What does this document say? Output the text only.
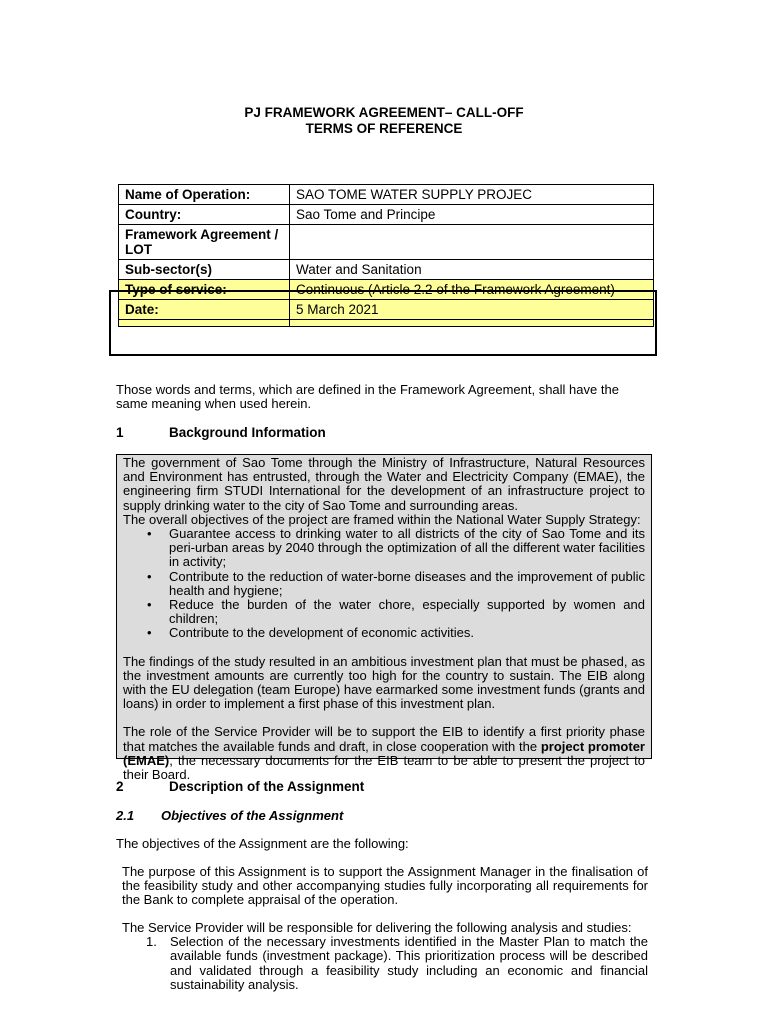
PJ FRAMEWORK AGREEMENT– CALL-OFF
TERMS OF REFERENCE
Name of Operation:	SAO TOME WATER SUPPLY PROJEC
Country:	Sao Tome and Principe
Framework Agreement / LOT	
Sub-sector(s)	Water and Sanitation
Type of service:	Continuous (Article 2.2 of the Framework Agreement)
Date:	5 March 2021

Those words and terms, which are defined in the Framework Agreement, shall have the same meaning when used herein.
1	Background Information

The government of Sao Tome through the Ministry of Infrastructure, Natural Resources and Environment has entrusted, through the Water and Electricity Company (EMAE), the engineering firm STUDI International for the development of an infrastructure project to supply drinking water to the city of Sao Tome and surrounding areas.

The overall objectives of the project are framed within the National Water Supply Strategy:

• Guarantee access to drinking water to all districts of the city of Sao Tome and its peri-urban areas by 2040 through the optimization of all the different water facilities in activity;
• Contribute to the reduction of water-borne diseases and the improvement of public health and hygiene;
• Reduce the burden of the water chore, especially supported by women and children;
• Contribute to the development of economic activities.

The findings of the study resulted in an ambitious investment plan that must be phased, as the investment amounts are currently too high for the country to sustain. The EIB along with the EU delegation (team Europe) have earmarked some investment funds (grants and loans) in order to implement a first phase of this investment plan.

The role of the Service Provider will be to support the EIB to identify a first priority phase that matches the available funds and draft, in close cooperation with the project promoter (EMAE), the necessary documents for the EIB team to be able to present the project to their Board.

2	Description of the Assignment
2.1 Objectives of the Assignment
The objectives of the Assignment are the following:
The purpose of this Assignment is to support the Assignment Manager in the finalisation of the feasibility study and other accompanying studies fully incorporating all requirements for the Bank to complete appraisal of the operation.
The Service Provider will be responsible for delivering the following analysis and studies:
1. Selection of the necessary investments identified in the Master Plan to match the available funds (investment package). This prioritization process will be described and validated through a feasibility study including an economic and financial sustainability analysis.
